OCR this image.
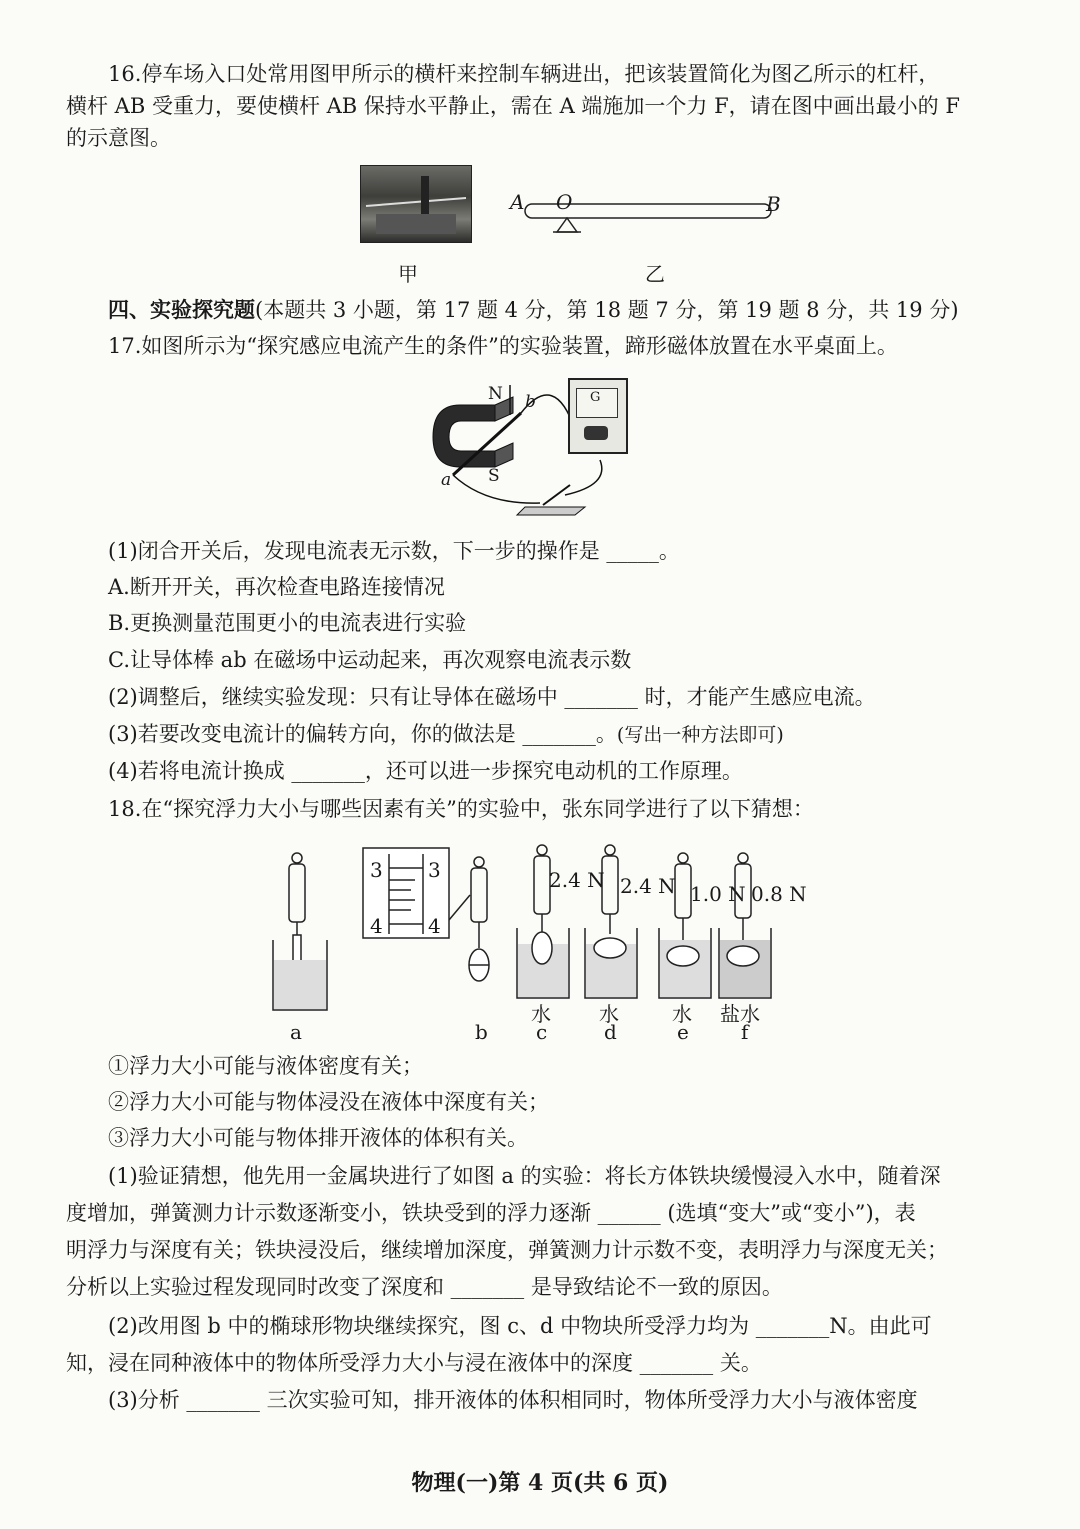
16.停车场入口处常用图甲所示的横杆来控制车辆进出，把该装置简化为图乙所示的杠杆，
横杆 AB 受重力，要使横杆 AB 保持水平静止，需在 A 端施加一个力 F，请在图中画出最小的 F
的示意图。
甲
A O	B
乙
四、实验探究题(本题共 3 小题，第 17 题 4 分，第 18 题 7 分，第 19 题 8 分，共 19 分)
17.如图所示为“探究感应电流产生的条件”的实验装置，蹄形磁体放置在水平桌面上。
G
N b
a S
(1)闭合开关后，发现电流表无示数，下一步的操作是 _____。
A.断开开关，再次检查电路连接情况
B.更换测量范围更小的电流表进行实验
C.让导体棒 ab 在磁场中运动起来，再次观察电流表示数
(2)调整后，继续实验发现：只有让导体在磁场中 _______ 时，才能产生感应电流。
(3)若要改变电流计的偏转方向，你的做法是 _______。(写出一种方法即可)
(4)若将电流计换成 _______，还可以进一步探究电动机的工作原理。
18.在“探究浮力大小与哪些因素有关”的实验中，张东同学进行了以下猜想：
3 3
4 4
2.4 N 2.4 N 1.0 N 0.8 N
水 水	水 盐水
a	b c	d	e	f
①浮力大小可能与液体密度有关；
②浮力大小可能与物体浸没在液体中深度有关；
③浮力大小可能与物体排开液体的体积有关。
(1)验证猜想，他先用一金属块进行了如图 a 的实验：将长方体铁块缓慢浸入水中，随着深
度增加，弹簧测力计示数逐渐变小，铁块受到的浮力逐渐 ______ (选填“变大”或“变小”)，表
明浮力与深度有关；铁块浸没后，继续增加深度，弹簧测力计示数不变，表明浮力与深度无关；
分析以上实验过程发现同时改变了深度和 _______ 是导致结论不一致的原因。
(2)改用图 b 中的椭球形物块继续探究，图 c、d 中物块所受浮力均为 _______N。由此可
知，浸在同种液体中的物体所受浮力大小与浸在液体中的深度 _______ 关。
(3)分析 _______ 三次实验可知，排开液体的体积相同时，物体所受浮力大小与液体密度
物理(一)第 4 页(共 6 页)
